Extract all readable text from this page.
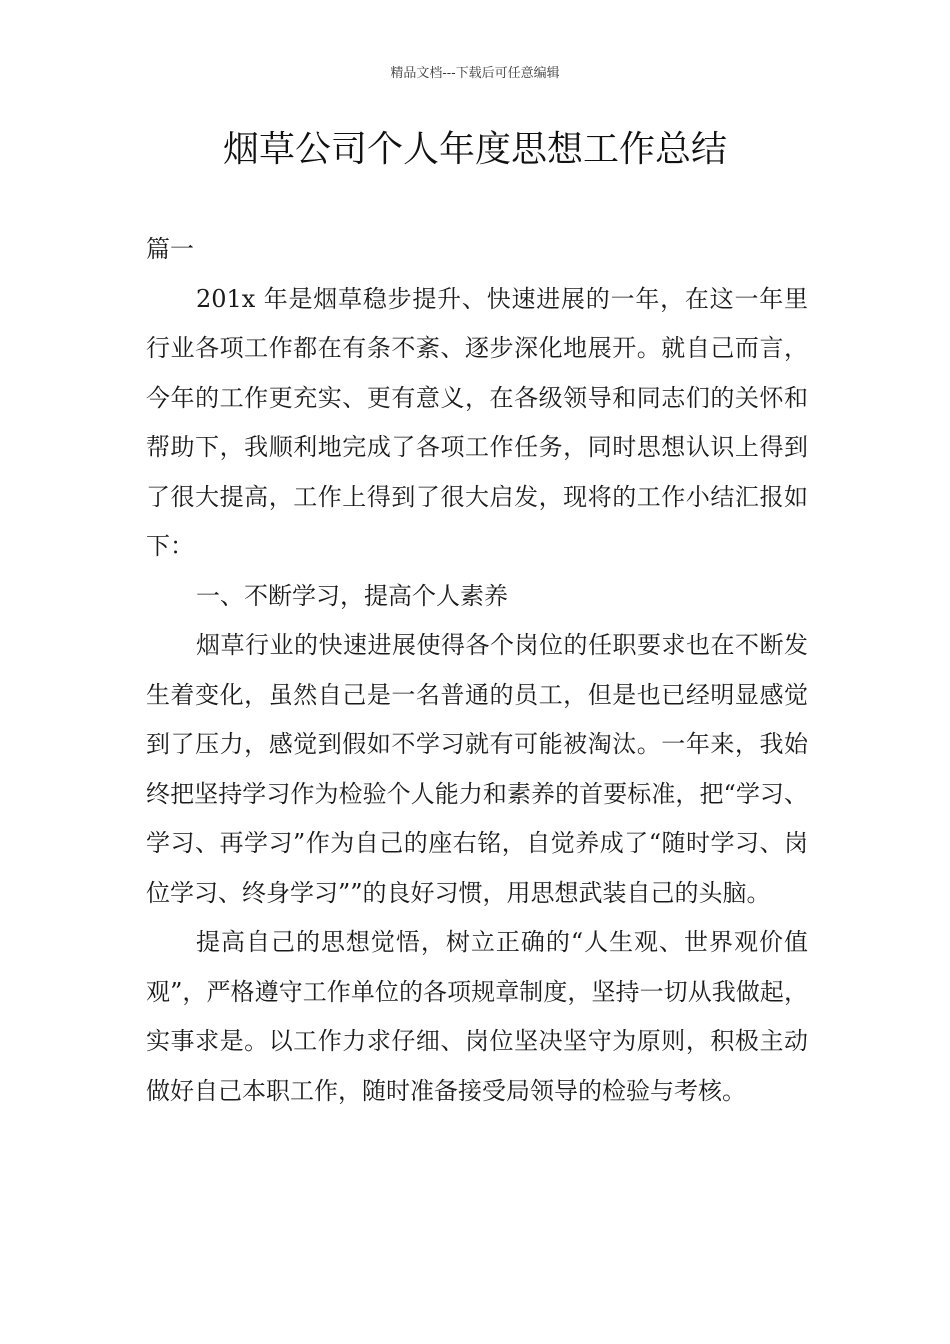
精品文档---下载后可任意编辑
烟草公司个人年度思想工作总结

篇一

201x 年是烟草稳步提升、快速进展的一年，在这一年里行业各项工作都在有条不紊、逐步深化地展开。就自己而言，今年的工作更充实、更有意义，在各级领导和同志们的关怀和帮助下，我顺利地完成了各项工作任务，同时思想认识上得到了很大提高，工作上得到了很大启发，现将的工作小结汇报如下：

一、不断学习，提高个人素养

烟草行业的快速进展使得各个岗位的任职要求也在不断发生着变化，虽然自己是一名普通的员工，但是也已经明显感觉到了压力，感觉到假如不学习就有可能被淘汰。一年来，我始终把坚持学习作为检验个人能力和素养的首要标准，把“学习、学习、再学习”作为自己的座右铭，自觉养成了“随时学习、岗位学习、终身学习””的良好习惯，用思想武装自己的头脑。

提高自己的思想觉悟，树立正确的“人生观、世界观价值观”，严格遵守工作单位的各项规章制度，坚持一切从我做起，实事求是。以工作力求仔细、岗位坚决坚守为原则，积极主动做好自己本职工作，随时准备接受局领导的检验与考核。
